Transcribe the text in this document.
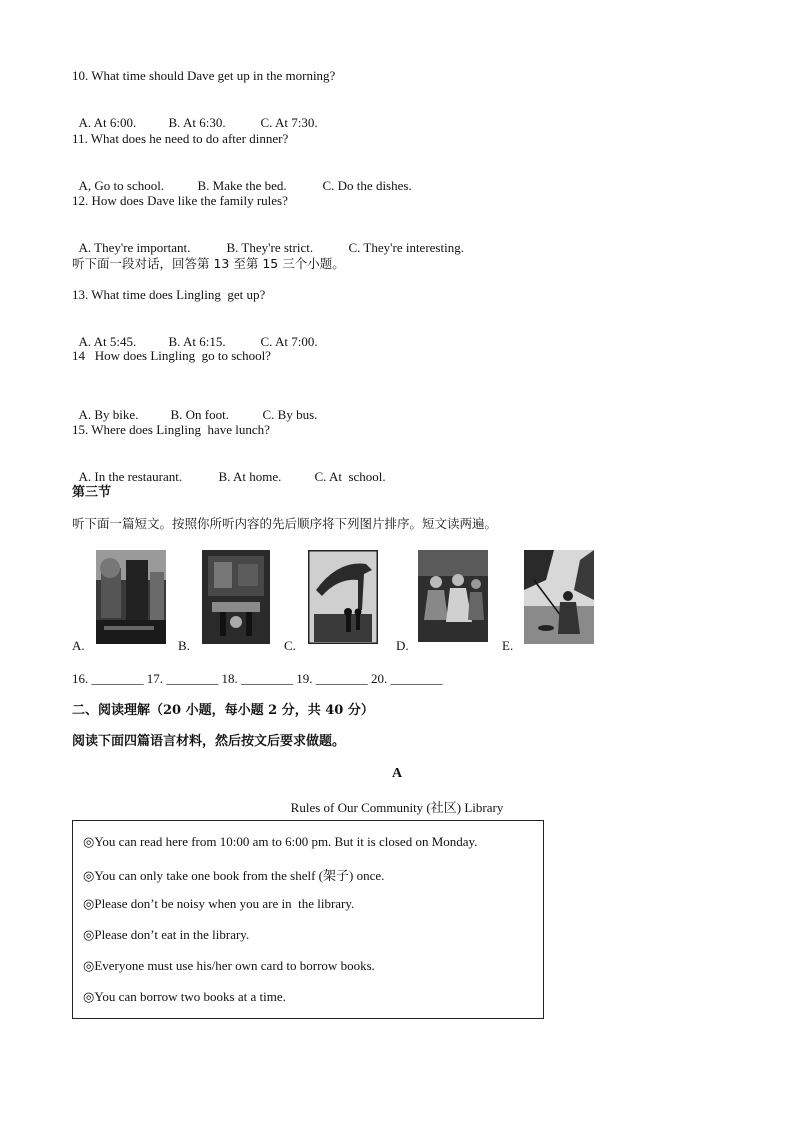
10. What time should Dave get up in the morning?

A. At 6:00. B. At 6:30.	C. At 7:30.

11. What does he need to do after dinner?

A, Go to school.	B. Make the bed.	C. Do the dishes.

12. How does Dave like the family rules?

A. They're important.	B. They're strict.	C. They're interesting.

听下面一段对话，回答第 13 至第 15 三个小题。
13. What time does Lingling  get up?

A. At 5:45. B. At 6:15.	C. At 7:00.

14   How does Lingling  go to school?

A. By bike. B. On foot.	C. By bus.

15. Where does Lingling  have lunch?

A. In the restaurant.	B. At home.	C. At  school.

第三节
听下面一篇短文。按照你所听内容的先后顺序将下列图片排序。短文读两遍。
A.	B.	C.	D.	E.
16. ________ 17. ________ 18. ________ 19. ________ 20. ________
二、阅读理解（20 小题，每小题 2 分，共 40 分）
阅读下面四篇语言材料，然后按文后要求做题。
A
Rules of Our Community (社区) Library
◎You can read here from 10:00 am to 6:00 pm. But it is closed on Monday.
◎You can only take one book from the shelf (架子) once.
◎Please don’t be noisy when you are in  the library.
◎Please don’t eat in the library.
◎Everyone must use his/her own card to borrow books.
◎You can borrow two books at a time.
